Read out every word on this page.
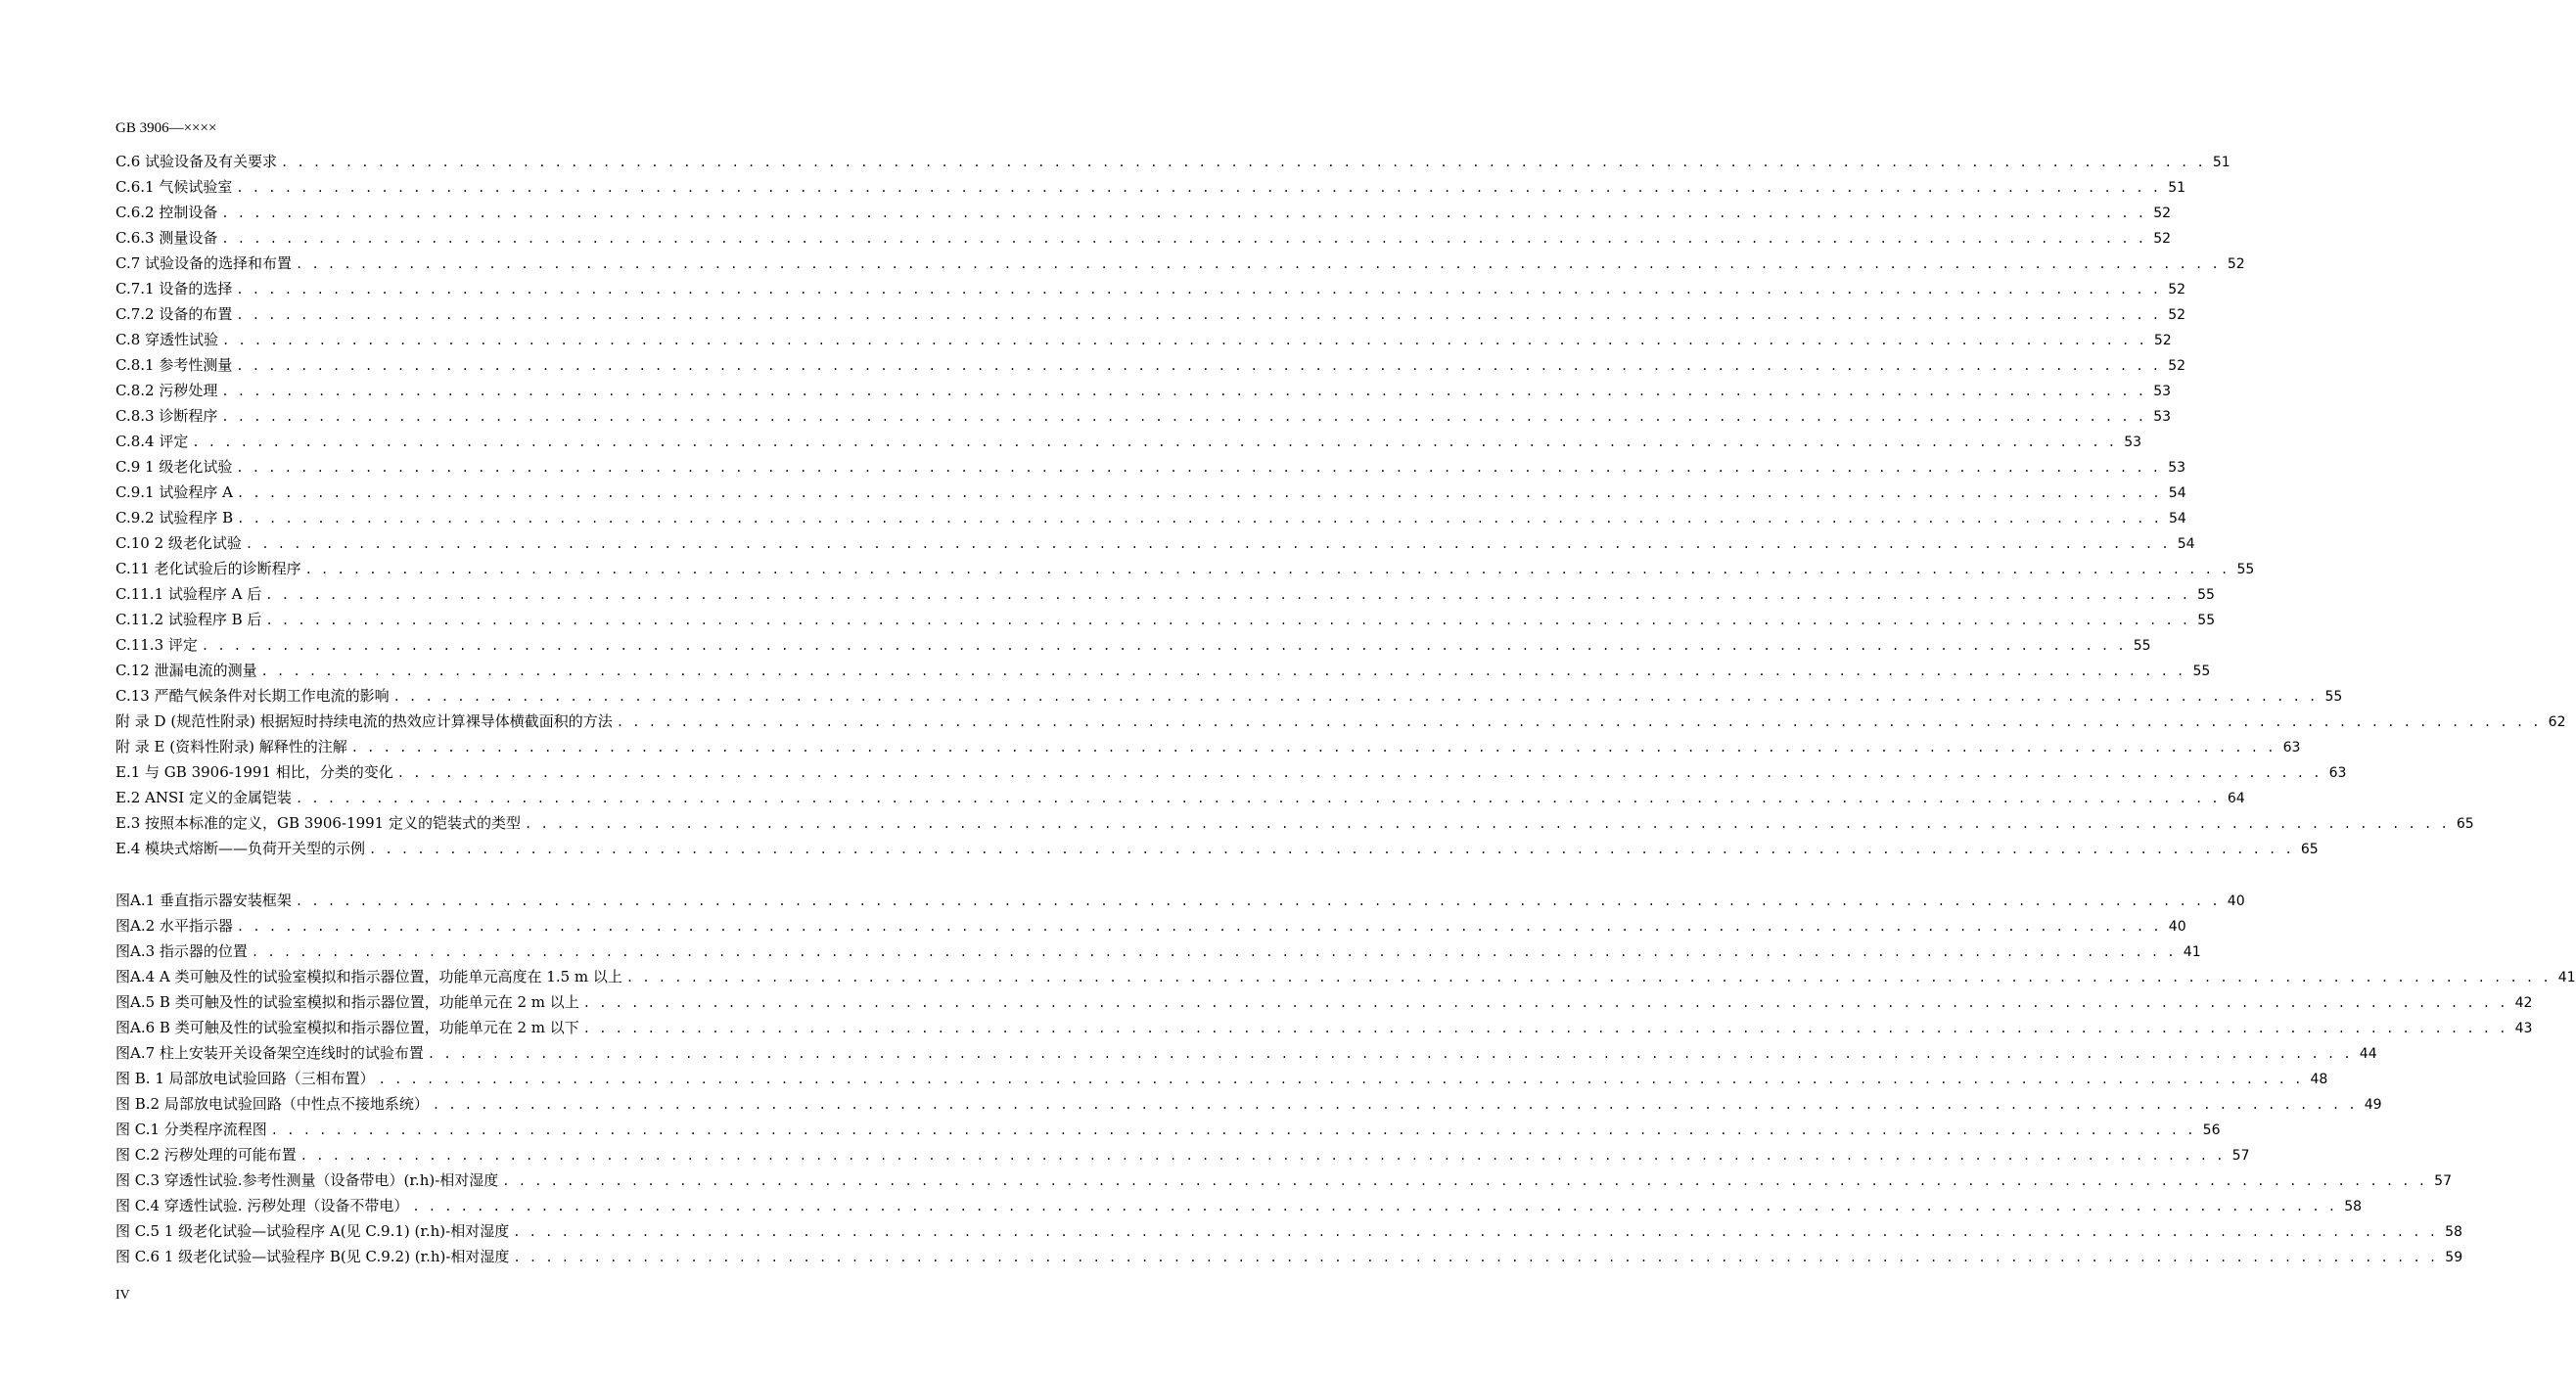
GB 3906—××××
C.6 试验设备及有关要求 . . . . . . . . . . . . . . . . . . . . . . . . . . . . . . . . . . . . . . . . . . . . . . . . . . . . . . . . . . . . . . . . . . . . . . . . . . . . . . . . . . . . . . . . . . . . . . . . . . . . . . . . . . . . . . . . . . . . . . . . 51
C.6.1 气候试验室 . . . . . . . . . . . . . . . . . . . . . . . . . . . . . . . . . . . . . . . . . . . . . . . . . . . . . . . . . . . . . . . . . . . . . . . . . . . . . . . . . . . . . . . . . . . . . . . . . . . . . . . . . . . . . . . . . . . . . . . . 51
C.6.2 控制设备 . . . . . . . . . . . . . . . . . . . . . . . . . . . . . . . . . . . . . . . . . . . . . . . . . . . . . . . . . . . . . . . . . . . . . . . . . . . . . . . . . . . . . . . . . . . . . . . . . . . . . . . . . . . . . . . . . . . . . . . . 52
C.6.3 测量设备 . . . . . . . . . . . . . . . . . . . . . . . . . . . . . . . . . . . . . . . . . . . . . . . . . . . . . . . . . . . . . . . . . . . . . . . . . . . . . . . . . . . . . . . . . . . . . . . . . . . . . . . . . . . . . . . . . . . . . . . . 52
C.7 试验设备的选择和布置 . . . . . . . . . . . . . . . . . . . . . . . . . . . . . . . . . . . . . . . . . . . . . . . . . . . . . . . . . . . . . . . . . . . . . . . . . . . . . . . . . . . . . . . . . . . . . . . . . . . . . . . . . . . . . . . . . . . . . . . . 52
C.7.1 设备的选择 . . . . . . . . . . . . . . . . . . . . . . . . . . . . . . . . . . . . . . . . . . . . . . . . . . . . . . . . . . . . . . . . . . . . . . . . . . . . . . . . . . . . . . . . . . . . . . . . . . . . . . . . . . . . . . . . . . . . . . . . 52
C.7.2 设备的布置 . . . . . . . . . . . . . . . . . . . . . . . . . . . . . . . . . . . . . . . . . . . . . . . . . . . . . . . . . . . . . . . . . . . . . . . . . . . . . . . . . . . . . . . . . . . . . . . . . . . . . . . . . . . . . . . . . . . . . . . . 52
C.8 穿透性试验 . . . . . . . . . . . . . . . . . . . . . . . . . . . . . . . . . . . . . . . . . . . . . . . . . . . . . . . . . . . . . . . . . . . . . . . . . . . . . . . . . . . . . . . . . . . . . . . . . . . . . . . . . . . . . . . . . . . . . . . . 52
C.8.1 参考性测量 . . . . . . . . . . . . . . . . . . . . . . . . . . . . . . . . . . . . . . . . . . . . . . . . . . . . . . . . . . . . . . . . . . . . . . . . . . . . . . . . . . . . . . . . . . . . . . . . . . . . . . . . . . . . . . . . . . . . . . . . 52
C.8.2 污秽处理 . . . . . . . . . . . . . . . . . . . . . . . . . . . . . . . . . . . . . . . . . . . . . . . . . . . . . . . . . . . . . . . . . . . . . . . . . . . . . . . . . . . . . . . . . . . . . . . . . . . . . . . . . . . . . . . . . . . . . . . . 53
C.8.3 诊断程序 . . . . . . . . . . . . . . . . . . . . . . . . . . . . . . . . . . . . . . . . . . . . . . . . . . . . . . . . . . . . . . . . . . . . . . . . . . . . . . . . . . . . . . . . . . . . . . . . . . . . . . . . . . . . . . . . . . . . . . . . 53
C.8.4 评定 . . . . . . . . . . . . . . . . . . . . . . . . . . . . . . . . . . . . . . . . . . . . . . . . . . . . . . . . . . . . . . . . . . . . . . . . . . . . . . . . . . . . . . . . . . . . . . . . . . . . . . . . . . . . . . . . . . . . . . . . 53
C.9 1 级老化试验 . . . . . . . . . . . . . . . . . . . . . . . . . . . . . . . . . . . . . . . . . . . . . . . . . . . . . . . . . . . . . . . . . . . . . . . . . . . . . . . . . . . . . . . . . . . . . . . . . . . . . . . . . . . . . . . . . . . . . . . . 53
C.9.1 试验程序 A . . . . . . . . . . . . . . . . . . . . . . . . . . . . . . . . . . . . . . . . . . . . . . . . . . . . . . . . . . . . . . . . . . . . . . . . . . . . . . . . . . . . . . . . . . . . . . . . . . . . . . . . . . . . . . . . . . . . . . . . 54
C.9.2 试验程序 B . . . . . . . . . . . . . . . . . . . . . . . . . . . . . . . . . . . . . . . . . . . . . . . . . . . . . . . . . . . . . . . . . . . . . . . . . . . . . . . . . . . . . . . . . . . . . . . . . . . . . . . . . . . . . . . . . . . . . . . . 54
C.10 2 级老化试验 . . . . . . . . . . . . . . . . . . . . . . . . . . . . . . . . . . . . . . . . . . . . . . . . . . . . . . . . . . . . . . . . . . . . . . . . . . . . . . . . . . . . . . . . . . . . . . . . . . . . . . . . . . . . . . . . . . . . . . . . 54
C.11 老化试验后的诊断程序 . . . . . . . . . . . . . . . . . . . . . . . . . . . . . . . . . . . . . . . . . . . . . . . . . . . . . . . . . . . . . . . . . . . . . . . . . . . . . . . . . . . . . . . . . . . . . . . . . . . . . . . . . . . . . . . . . . . . . . . . 55
C.11.1 试验程序 A 后 . . . . . . . . . . . . . . . . . . . . . . . . . . . . . . . . . . . . . . . . . . . . . . . . . . . . . . . . . . . . . . . . . . . . . . . . . . . . . . . . . . . . . . . . . . . . . . . . . . . . . . . . . . . . . . . . . . . . . . . . 55
C.11.2 试验程序 B 后 . . . . . . . . . . . . . . . . . . . . . . . . . . . . . . . . . . . . . . . . . . . . . . . . . . . . . . . . . . . . . . . . . . . . . . . . . . . . . . . . . . . . . . . . . . . . . . . . . . . . . . . . . . . . . . . . . . . . . . . . 55
C.11.3 评定 . . . . . . . . . . . . . . . . . . . . . . . . . . . . . . . . . . . . . . . . . . . . . . . . . . . . . . . . . . . . . . . . . . . . . . . . . . . . . . . . . . . . . . . . . . . . . . . . . . . . . . . . . . . . . . . . . . . . . . . . 55
C.12 泄漏电流的测量 . . . . . . . . . . . . . . . . . . . . . . . . . . . . . . . . . . . . . . . . . . . . . . . . . . . . . . . . . . . . . . . . . . . . . . . . . . . . . . . . . . . . . . . . . . . . . . . . . . . . . . . . . . . . . . . . . . . . . . . . 55
C.13 严酷气候条件对长期工作电流的影响 . . . . . . . . . . . . . . . . . . . . . . . . . . . . . . . . . . . . . . . . . . . . . . . . . . . . . . . . . . . . . . . . . . . . . . . . . . . . . . . . . . . . . . . . . . . . . . . . . . . . . . . . . . . . . . . . . . . . . . . . 55
附 录 D (规范性附录) 根据短时持续电流的热效应计算裸导体横截面积的方法 . . . . . . . . . . . . . . . . . . . . . . . . . . . . . . . . . . . . . . . . . . . . . . . . . . . . . . . . . . . . . . . . . . . . . . . . . . . . . . . . . . . . . . . . . . . . . . . . . . . . . . . . . . . . . . . . . . . . . . . . 62
附 录 E (资料性附录) 解释性的注解 . . . . . . . . . . . . . . . . . . . . . . . . . . . . . . . . . . . . . . . . . . . . . . . . . . . . . . . . . . . . . . . . . . . . . . . . . . . . . . . . . . . . . . . . . . . . . . . . . . . . . . . . . . . . . . . . . . . . . . . . 63
E.1 与 GB 3906-1991 相比，分类的变化 . . . . . . . . . . . . . . . . . . . . . . . . . . . . . . . . . . . . . . . . . . . . . . . . . . . . . . . . . . . . . . . . . . . . . . . . . . . . . . . . . . . . . . . . . . . . . . . . . . . . . . . . . . . . . . . . . . . . . . . . 63
E.2 ANSI 定义的金属铠装 . . . . . . . . . . . . . . . . . . . . . . . . . . . . . . . . . . . . . . . . . . . . . . . . . . . . . . . . . . . . . . . . . . . . . . . . . . . . . . . . . . . . . . . . . . . . . . . . . . . . . . . . . . . . . . . . . . . . . . . . 64
E.3 按照本标准的定义，GB 3906-1991 定义的铠装式的类型 . . . . . . . . . . . . . . . . . . . . . . . . . . . . . . . . . . . . . . . . . . . . . . . . . . . . . . . . . . . . . . . . . . . . . . . . . . . . . . . . . . . . . . . . . . . . . . . . . . . . . . . . . . . . . . . . . . . . . . . . 65
E.4 模块式熔断——负荷开关型的示例 . . . . . . . . . . . . . . . . . . . . . . . . . . . . . . . . . . . . . . . . . . . . . . . . . . . . . . . . . . . . . . . . . . . . . . . . . . . . . . . . . . . . . . . . . . . . . . . . . . . . . . . . . . . . . . . . . . . . . . . . 65
图A.1 垂直指示器安装框架 . . . . . . . . . . . . . . . . . . . . . . . . . . . . . . . . . . . . . . . . . . . . . . . . . . . . . . . . . . . . . . . . . . . . . . . . . . . . . . . . . . . . . . . . . . . . . . . . . . . . . . . . . . . . . . . . . . . . . . . . 40
图A.2 水平指示器 . . . . . . . . . . . . . . . . . . . . . . . . . . . . . . . . . . . . . . . . . . . . . . . . . . . . . . . . . . . . . . . . . . . . . . . . . . . . . . . . . . . . . . . . . . . . . . . . . . . . . . . . . . . . . . . . . . . . . . . . 40
图A.3 指示器的位置 . . . . . . . . . . . . . . . . . . . . . . . . . . . . . . . . . . . . . . . . . . . . . . . . . . . . . . . . . . . . . . . . . . . . . . . . . . . . . . . . . . . . . . . . . . . . . . . . . . . . . . . . . . . . . . . . . . . . . . . . 41
图A.4 A 类可触及性的试验室模拟和指示器位置，功能单元高度在 1.5 m 以上 . . . . . . . . . . . . . . . . . . . . . . . . . . . . . . . . . . . . . . . . . . . . . . . . . . . . . . . . . . . . . . . . . . . . . . . . . . . . . . . . . . . . . . . . . . . . . . . . . . . . . . . . . . . . . . . . . . . . . . . . 41
图A.5 B 类可触及性的试验室模拟和指示器位置，功能单元在 2 m 以上 . . . . . . . . . . . . . . . . . . . . . . . . . . . . . . . . . . . . . . . . . . . . . . . . . . . . . . . . . . . . . . . . . . . . . . . . . . . . . . . . . . . . . . . . . . . . . . . . . . . . . . . . . . . . . . . . . . . . . . . . 42
图A.6 B 类可触及性的试验室模拟和指示器位置，功能单元在 2 m 以下 . . . . . . . . . . . . . . . . . . . . . . . . . . . . . . . . . . . . . . . . . . . . . . . . . . . . . . . . . . . . . . . . . . . . . . . . . . . . . . . . . . . . . . . . . . . . . . . . . . . . . . . . . . . . . . . . . . . . . . . . 43
图A.7 柱上安装开关设备架空连线时的试验布置 . . . . . . . . . . . . . . . . . . . . . . . . . . . . . . . . . . . . . . . . . . . . . . . . . . . . . . . . . . . . . . . . . . . . . . . . . . . . . . . . . . . . . . . . . . . . . . . . . . . . . . . . . . . . . . . . . . . . . . . . 44
图 B. 1 局部放电试验回路（三相布置） . . . . . . . . . . . . . . . . . . . . . . . . . . . . . . . . . . . . . . . . . . . . . . . . . . . . . . . . . . . . . . . . . . . . . . . . . . . . . . . . . . . . . . . . . . . . . . . . . . . . . . . . . . . . . . . . . . . . . . . . 48
图 B.2 局部放电试验回路（中性点不接地系统） . . . . . . . . . . . . . . . . . . . . . . . . . . . . . . . . . . . . . . . . . . . . . . . . . . . . . . . . . . . . . . . . . . . . . . . . . . . . . . . . . . . . . . . . . . . . . . . . . . . . . . . . . . . . . . . . . . . . . . . . 49
图 C.1 分类程序流程图 . . . . . . . . . . . . . . . . . . . . . . . . . . . . . . . . . . . . . . . . . . . . . . . . . . . . . . . . . . . . . . . . . . . . . . . . . . . . . . . . . . . . . . . . . . . . . . . . . . . . . . . . . . . . . . . . . . . . . . . . 56
图 C.2 污秽处理的可能布置 . . . . . . . . . . . . . . . . . . . . . . . . . . . . . . . . . . . . . . . . . . . . . . . . . . . . . . . . . . . . . . . . . . . . . . . . . . . . . . . . . . . . . . . . . . . . . . . . . . . . . . . . . . . . . . . . . . . . . . . . 57
图 C.3 穿透性试验.参考性测量（设备带电）(r.h)-相对湿度 . . . . . . . . . . . . . . . . . . . . . . . . . . . . . . . . . . . . . . . . . . . . . . . . . . . . . . . . . . . . . . . . . . . . . . . . . . . . . . . . . . . . . . . . . . . . . . . . . . . . . . . . . . . . . . . . . . . . . . . . 57
图 C.4 穿透性试验. 污秽处理（设备不带电） . . . . . . . . . . . . . . . . . . . . . . . . . . . . . . . . . . . . . . . . . . . . . . . . . . . . . . . . . . . . . . . . . . . . . . . . . . . . . . . . . . . . . . . . . . . . . . . . . . . . . . . . . . . . . . . . . . . . . . . . 58
图 C.5 1 级老化试验—试验程序 A(见 C.9.1) (r.h)-相对湿度 . . . . . . . . . . . . . . . . . . . . . . . . . . . . . . . . . . . . . . . . . . . . . . . . . . . . . . . . . . . . . . . . . . . . . . . . . . . . . . . . . . . . . . . . . . . . . . . . . . . . . . . . . . . . . . . . . . . . . . . . 58
图 C.6 1 级老化试验—试验程序 B(见 C.9.2) (r.h)-相对湿度 . . . . . . . . . . . . . . . . . . . . . . . . . . . . . . . . . . . . . . . . . . . . . . . . . . . . . . . . . . . . . . . . . . . . . . . . . . . . . . . . . . . . . . . . . . . . . . . . . . . . . . . . . . . . . . . . . . . . . . . . 59
IV
